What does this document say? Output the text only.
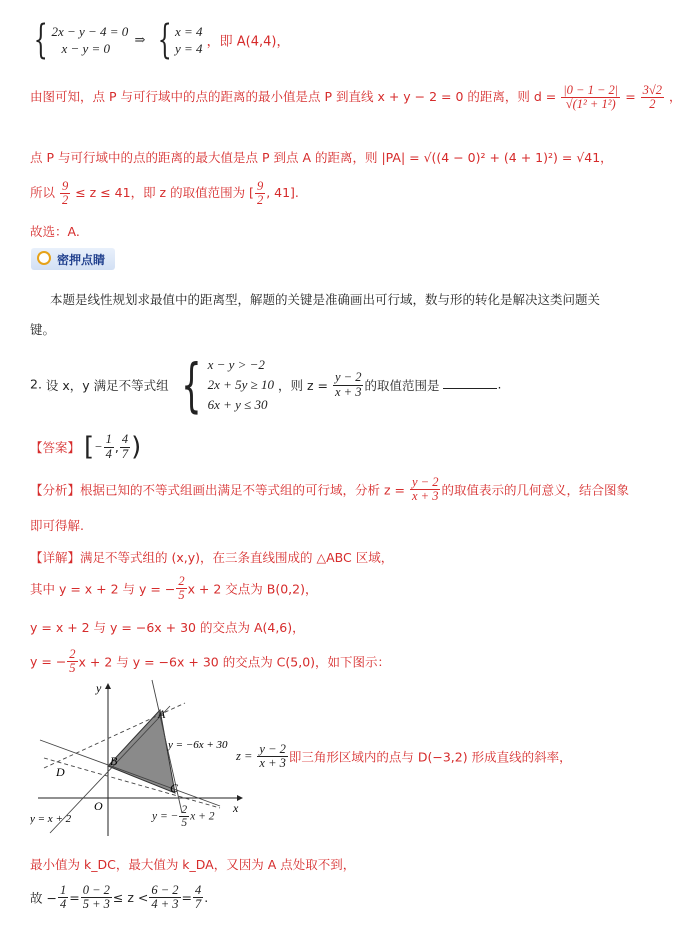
{ 2x − y − 4 = 0
x − y = 0
⇒ { x = 4
y = 4 ，即 A(4,4)，
由图可知，点 P 与可行域中的点的距离的最小值是点 P 到直线 x + y − 2 = 0 的距离，则 $d = \frac{|0 - 1 - 2|}{\text{√(1² + 1²)}} = \frac{3√2}{2}$ ，
点 P 与可行域中的点的距离的最大值是点 P 到点 A 的距离，则 |PA| = √((4 − 0)² + (4 + 1)²) = √41，
所以 $\frac{9}{2} \le z \le 41$，即 z 的取值范围为 [ $\frac{9}{2}$ , 41].
故选：A.
密押点睛
本题是线性规划求最值中的距离型，解题的关键是准确画出可行域，数与形的转化是解决这类问题关
键。
2. 设 x，y 满足不等式组 { x − y > −2
2x + 5y ≥ 10
6x + y ≤ 30
，则 $z = \frac{y - 2}{x + 3}$ 的取值范围是	.
【答案】 [− $\frac{1}{4}$ , $\frac{4}{7}$ )
【分析】根据已知的不等式组画出满足不等式组的可行域，分析 $z = \frac{y - 2}{x + 3}$ 的取值表示的几何意义，结合图象
即可得解.
【详解】满足不等式组的 (x,y)，在三条直线围成的 △ABC 区域，
其中 y = x + 2 与 y = − $\frac{2}{5}$ x + 2 交点为 B(0,2)，
y = x + 2 与 y = −6x + 30 的交点为 A(4,6)，
y = − $\frac{2}{5}$ x + 2 与 y = −6x + 30 的交点为 C(5,0)，如下图示：
y
x
O
A
B
C
D
y = −6x + 30
y = x + 2	y = − $\frac{2}{5}$ x + 2
$z = \frac{y - 2}{x + 3}$ 即三角形区域内的点与 D(−3,2) 形成直线的斜率，
最小值为 k_DC，最大值为 k_DA，又因为 A 点处取不到，
故 − $\frac{1}{4} = \frac{0 - 2}{5 + 3} \le z < \frac{6 - 2}{4 + 3} = \frac{4}{7}$ .
